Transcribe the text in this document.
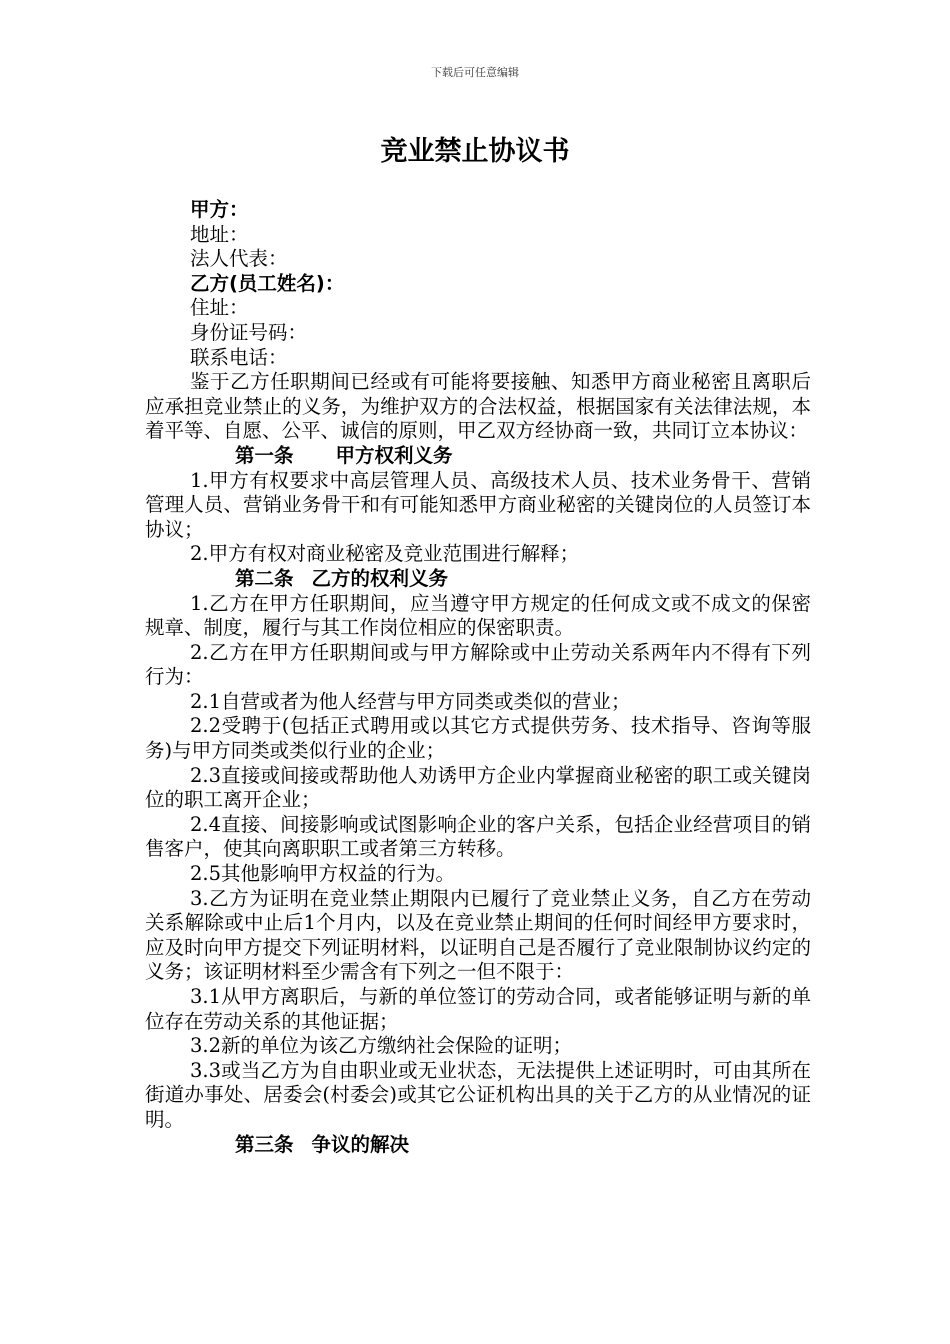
下载后可任意编辑
竞业禁止协议书

甲方：

地址：

法人代表：

乙方(员工姓名)：

住址：

身份证号码：

联系电话：

鉴于乙方任职期间已经或有可能将要接触、知悉甲方商业秘密且离职后应承担竞业禁止的义务，为维护双方的合法权益，根据国家有关法律法规，本着平等、自愿、公平、诚信的原则，甲乙双方经协商一致，共同订立本协议：

第一条 甲方权利义务

1.甲方有权要求中高层管理人员、高级技术人员、技术业务骨干、营销管理人员、营销业务骨干和有可能知悉甲方商业秘密的关键岗位的人员签订本协议；

2.甲方有权对商业秘密及竞业范围进行解释；

第二条 乙方的权利义务

1.乙方在甲方任职期间，应当遵守甲方规定的任何成文或不成文的保密规章、制度，履行与其工作岗位相应的保密职责。

2.乙方在甲方任职期间或与甲方解除或中止劳动关系两年内不得有下列行为：

2.1自营或者为他人经营与甲方同类或类似的营业；

2.2受聘于(包括正式聘用或以其它方式提供劳务、技术指导、咨询等服务)与甲方同类或类似行业的企业；

2.3直接或间接或帮助他人劝诱甲方企业内掌握商业秘密的职工或关键岗位的职工离开企业；

2.4直接、间接影响或试图影响企业的客户关系，包括企业经营项目的销售客户，使其向离职职工或者第三方转移。

2.5其他影响甲方权益的行为。

3.乙方为证明在竞业禁止期限内已履行了竞业禁止义务，自乙方在劳动关系解除或中止后1个月内，以及在竞业禁止期间的任何时间经甲方要求时，应及时向甲方提交下列证明材料，以证明自己是否履行了竞业限制协议约定的义务；该证明材料至少需含有下列之一但不限于：

3.1从甲方离职后，与新的单位签订的劳动合同，或者能够证明与新的单位存在劳动关系的其他证据；

3.2新的单位为该乙方缴纳社会保险的证明；

3.3或当乙方为自由职业或无业状态，无法提供上述证明时，可由其所在街道办事处、居委会(村委会)或其它公证机构出具的关于乙方的从业情况的证明。

第三条 争议的解决
